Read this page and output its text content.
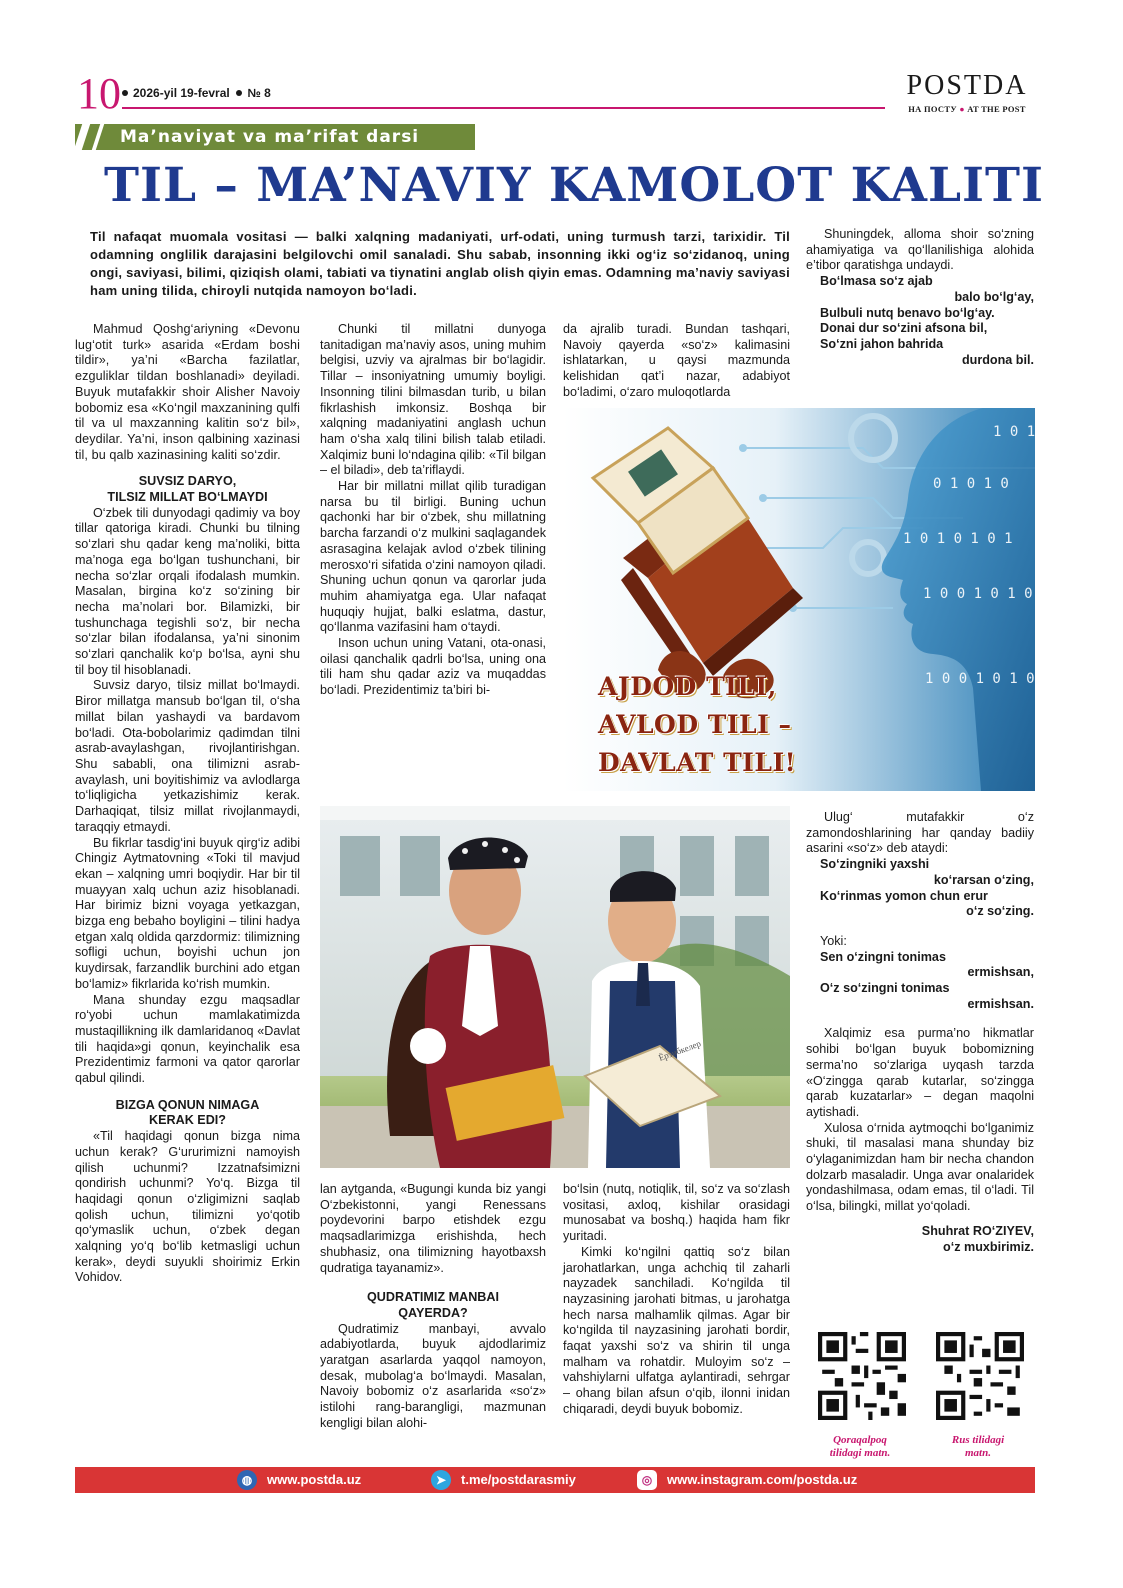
10	2026-yil 19-fevral № 8	POSTDA
НА ПОСТУ ● AT THE POST
Ma’naviyat va ma’rifat darsi
TIL – MA’NAVIY KAMOLOT KALITI
Til nafaqat muomala vositasi — balki xalqning madaniyati, urf-odati, uning turmush tarzi, tarixidir. Til odamning onglilik darajasini belgilovchi omil sanaladi. Shu sabab, insonning ikki og‘iz so‘zidanoq, uning ongi, saviyasi, bilimi, qiziqish olami, tabiati va tiynatini anglab olish qiyin emas. Odamning ma’naviy saviyasi ham uning tilida, chiroyli nutqida namoyon bo‘ladi.

Mahmud Qoshg‘ariyning «Devonu lug‘otit turk» asarida «Erdam boshi tildir», ya’ni «Barcha fazilatlar, ezguliklar tildan boshlanadi» deyiladi. Buyuk mutafakkir shoir Alisher Navoiy bobomiz esa «Ko‘ngil maxzanining qulfi til va ul maxzanning kalitin so‘z bil», deydilar. Ya’ni, inson qalbining xazinasi til, bu qalb xazinasining kaliti so‘zdir.

SUVSIZ DARYO,
TILSIZ MILLAT BO‘LMAYDI

O‘zbek tili dunyodagi qadimiy va boy tillar qatoriga kiradi. Chunki bu tilning so‘zlari shu qadar keng ma’noliki, bitta ma’noga ega bo‘lgan tushunchani, bir necha so‘zlar orqali ifodalash mumkin. Masalan, birgina ko‘z so‘zining bir necha ma’nolari bor. Bilamizki, bir tushunchaga tegishli so‘z, bir necha so‘zlar bilan ifodalansa, ya’ni sinonim so‘zlari qanchalik ko‘p bo‘lsa, ayni shu til boy til hisoblanadi.

Suvsiz daryo, tilsiz millat bo‘lmaydi. Biror millatga mansub bo‘lgan til, o‘sha millat bilan yashaydi va bardavom bo‘ladi. Ota-bobolarimiz qadimdan tilni asrab-avaylashgan, rivojlantirishgan. Shu sababli, ona tilimizni asrab-avaylash, uni boyitishimiz va avlodlarga to‘liqligicha yetkazishimiz kerak. Darhaqiqat, tilsiz millat rivojlanmaydi, taraqqiy etmaydi.

Bu fikrlar tasdig‘ini buyuk qirg‘iz adibi Chingiz Aytmatovning «Toki til mavjud ekan – xalqning umri boqiydir. Har bir til muayyan xalq uchun aziz hisoblanadi. Har birimiz bizni voyaga yetkazgan, bizga eng bebaho boyligini – tilini hadya etgan xalq oldida qarzdormiz: tilimizning sofligi uchun, boyishi uchun jon kuydirsak, farzandlik burchini ado etgan bo‘lamiz» fikrlarida ko‘rish mumkin.

Mana shunday ezgu maqsadlar ro‘yobi uchun mamlakatimizda mustaqillikning ilk damlaridanoq «Davlat tili haqida»gi qonun, keyinchalik esa Prezidentimiz farmoni va qator qarorlar qabul qilindi.

BIZGA QONUN NIMAGA
KERAK EDI?

«Til haqidagi qonun bizga nima uchun kerak? G‘ururimizni namoyish qilish uchunmi? Izzatnafsimizni qondirish uchunmi? Yo‘q. Bizga til haqidagi qonun o‘zligimizni saqlab qolish uchun, tilimizni yo‘qotib qo‘ymaslik uchun, o‘zbek degan xalqning yo‘q bo‘lib ketmasligi uchun kerak», deydi suyukli shoirimiz Erkin Vohidov.

Chunki til millatni dunyoga tanitadigan ma’naviy asos, uning muhim belgisi, uzviy va ajralmas bir bo‘lagidir. Tillar – insoniyatning umumiy boyligi. Insonning tilini bilmasdan turib, u bilan fikrlashish imkonsiz. Boshqa bir xalqning madaniyatini anglash uchun ham o‘sha xalq tilini bilish talab etiladi. Xalqimiz buni lo‘ndagina qilib: «Til bilgan – el biladi», deb ta’riflaydi.

Har bir millatni millat qilib turadigan narsa bu til birligi. Buning uchun qachonki har bir o‘zbek, shu millatning barcha farzandi o‘z mulkini saqlagandek asrasagina kelajak avlod o‘zbek tilining merosxo‘ri sifatida o‘zini namoyon qiladi. Shuning uchun qonun va qarorlar juda muhim ahamiyatga ega. Ular nafaqat huquqiy hujjat, balki eslatma, dastur, qo‘llanma vazifasini ham o‘taydi.

Inson uchun uning Vatani, ota-onasi, oilasi qanchalik qadrli bo‘lsa, uning ona tili ham shu qadar aziz va muqaddas bo‘ladi. Prezidentimiz ta’biri bi-

da ajralib turadi. Bundan tashqari, Navoiy qayerda «so‘z» kalimasini ishlatarkan, u qaysi mazmunda kelishidan qat’i nazar, adabiyot bo‘ladimi, o‘zaro muloqotlarda

Shuningdek, alloma shoir so‘zning ahamiyatiga va qo‘llanilishiga alohida e’tibor qaratishga undaydi.

Bo‘lmasa so‘z ajab
balo bo‘lg‘ay,
Bulbuli nutq benavo bo‘lg‘ay.
Donai dur so‘zini afsona bil,
So‘zni jahon bahrida
durdona bil.
1 0 1
0 1 0 1 0
1 0 1 0 1 0 1
1 0 0 1 0 1 0
1 0 0 1 0 1 0
AJDOD TILI,
AVLOD TILI –
DAVLAT TILI!
Ёрзибкелер

Ulug‘ mutafakkir o‘z zamondoshlarining har qanday badiiy asarini «so‘z» deb ataydi:

So‘zingniki yaxshi
ko‘rarsan o‘zing,
Ko‘rinmas yomon chun erur
o‘z so‘zing.

Yoki:

Sen o‘zingni tonimas
ermishsan,
O‘z so‘zingni tonimas
ermishsan.

Xalqimiz esa purma’no hikmatlar sohibi bo‘lgan buyuk bobomizning serma’no so‘zlariga uyqash tarzda «O‘zingga qarab kutarlar, so‘zingga qarab kuzatarlar» – degan maqolni aytishadi.

Xulosa o‘rnida aytmoqchi bo‘lganimiz shuki, til masalasi mana shunday biz o‘ylaganimizdan ham bir necha chandon dolzarb masaladir. Unga avar onalaridek yondashilmasa, odam emas, til o‘ladi. Til o‘lsa, bilingki, millat yo‘qoladi.

Shuhrat RO‘ZIYEV,
o‘z muxbirimiz.

lan aytganda, «Bugungi kunda biz yangi O‘zbekistonni, yangi Renessans poydevorini barpo etishdek ezgu maqsadlarimizga erishishda, hech shubhasiz, ona tilimizning hayotbaxsh qudratiga tayanamiz».

QUDRATIMIZ MANBAI
QAYERDA?

Qudratimiz manbayi, avvalo adabiyotlarda, buyuk ajdodlarimiz yaratgan asarlarda yaqqol namoyon, desak, mubolag‘a bo‘lmaydi. Masalan, Navoiy bobomiz o‘z asarlarida «so‘z» istilohi rang-barangligi, mazmunan kengligi bilan alohi-

bo‘lsin (nutq, notiqlik, til, so‘z va so‘zlash vositasi, axloq, kishilar orasidagi munosabat va boshq.) haqida ham fikr yuritadi.

Kimki ko‘ngilni qattiq so‘z bilan jarohatlarkan, unga achchiq til zaharli nayzadek sanchiladi. Ko‘ngilda til nayzasining jarohati bitmas, u jarohatga hech narsa malhamlik qilmas. Agar bir ko‘ngilda til nayzasining jarohati bordir, faqat yaxshi so‘z va shirin til unga malham va rohatdir. Muloyim so‘z – vahshiylarni ulfatga aylantiradi, sehrgar – ohang bilan afsun o‘qib, ilonni inidan chiqaradi, deydi buyuk bobomiz.

Qoraqalpoq
tilidagi matn.
Rus tilidagi
matn.
◍ www.postda.uz	➤ t.me/postdarasmiy	◎ www.instagram.com/postda.uz
